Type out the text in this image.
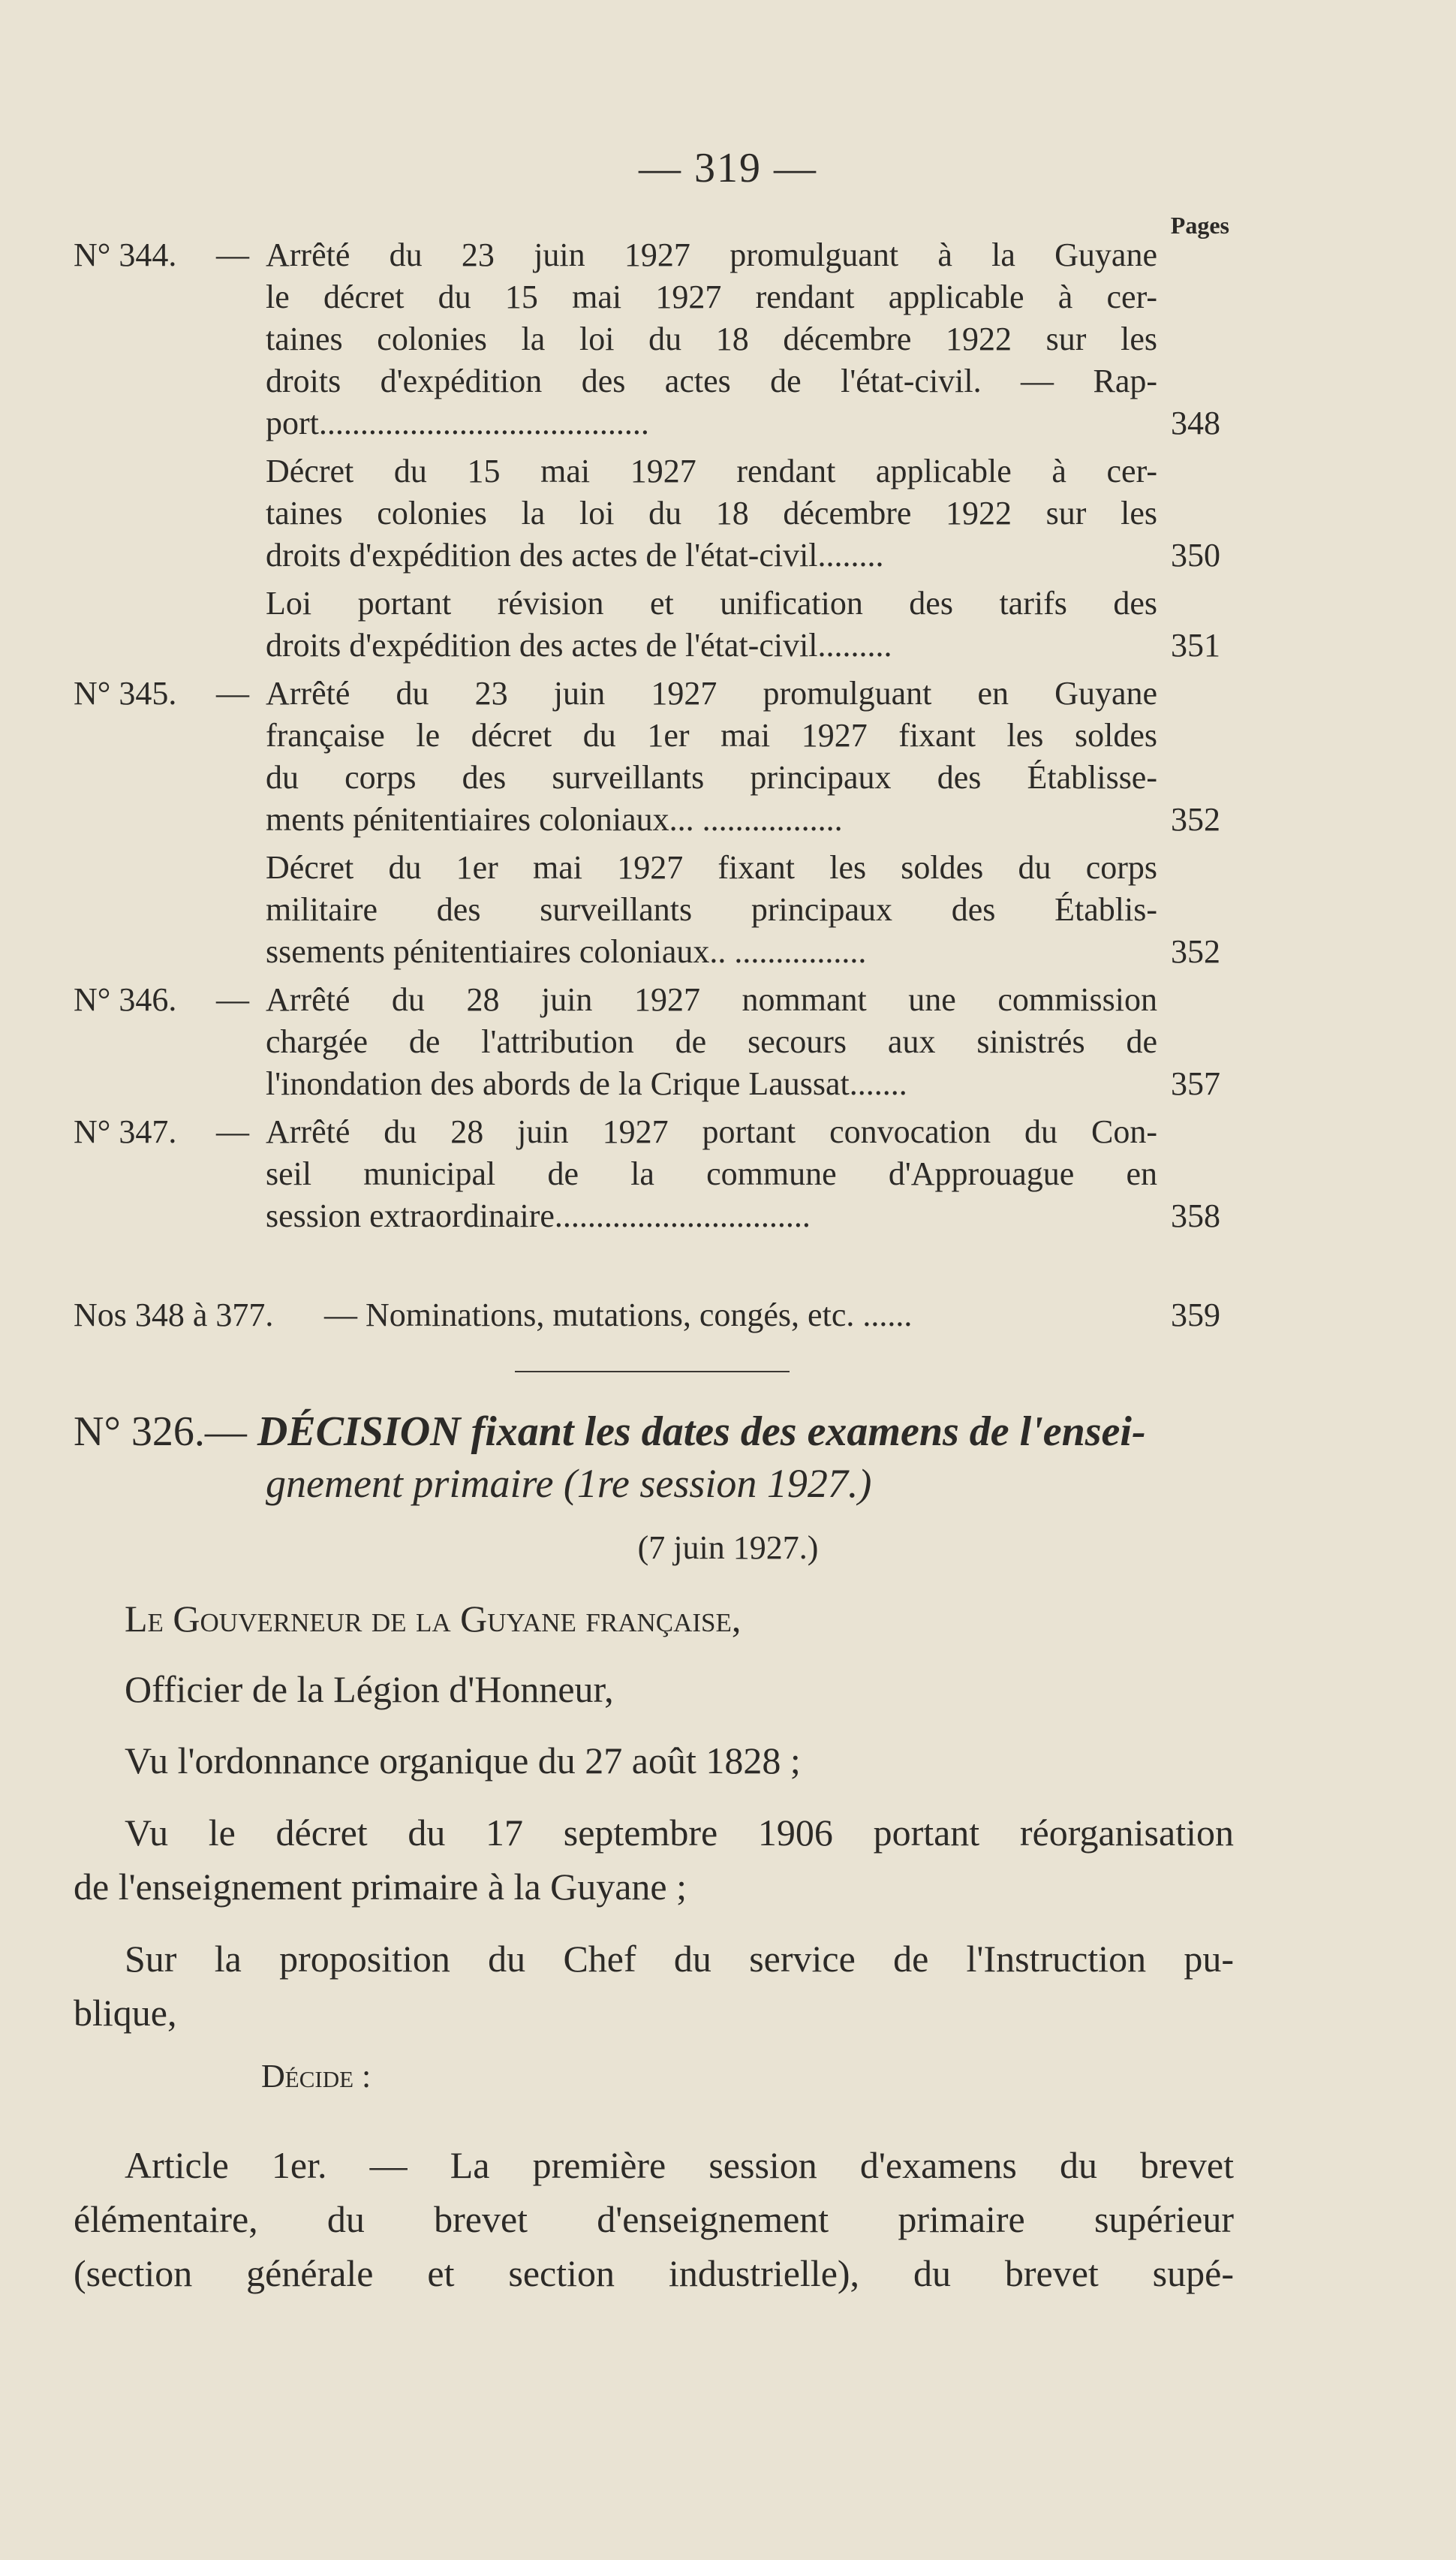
— 319 —
Pages
N° 344. — Arrêté du 23 juin 1927 promulguant à la Guyane
le décret du 15 mai 1927 rendant applicable à cer-
taines colonies la loi du 18 décembre 1922 sur les
droits d'expédition des actes de l'état-civil. — Rap-
port........................................	348
Décret du 15 mai 1927 rendant applicable à cer-
taines colonies la loi du 18 décembre 1922 sur les
droits d'expédition des actes de l'état-civil........	350
Loi portant révision et unification des tarifs des
droits d'expédition des actes de l'état-civil.........	351
N° 345. — Arrêté du 23 juin 1927 promulguant en Guyane
française le décret du 1er mai 1927 fixant les soldes
du corps des surveillants principaux des Établisse-
ments pénitentiaires coloniaux... .................	352
Décret du 1er mai 1927 fixant les soldes du corps
militaire des surveillants principaux des Établis-
ssements pénitentiaires coloniaux.. ................	352
N° 346. — Arrêté du 28 juin 1927 nommant une commission
chargée de l'attribution de secours aux sinistrés de
l'inondation des abords de la Crique Laussat.......	357
N° 347. — Arrêté du 28 juin 1927 portant convocation du Con-
seil municipal de la commune d'Approuague en
session extraordinaire...............................	358
Nos 348 à 377. — Nominations, mutations, congés, etc. ......	359
N° 326.— DÉCISION fixant les dates des examens de l'ensei-
gnement primaire (1re session 1927.)
(7 juin 1927.)
Le Gouverneur de la Guyane française,
Officier de la Légion d'Honneur,
Vu l'ordonnance organique du 27 août 1828 ;
Vu le décret du 17 septembre 1906 portant réorganisation
de l'enseignement primaire à la Guyane ;
Sur la proposition du Chef du service de l'Instruction pu-
blique,
Décide :
Article 1er. — La première session d'examens du brevet
élémentaire, du brevet d'enseignement primaire supérieur
(section générale et section industrielle), du brevet supé-
